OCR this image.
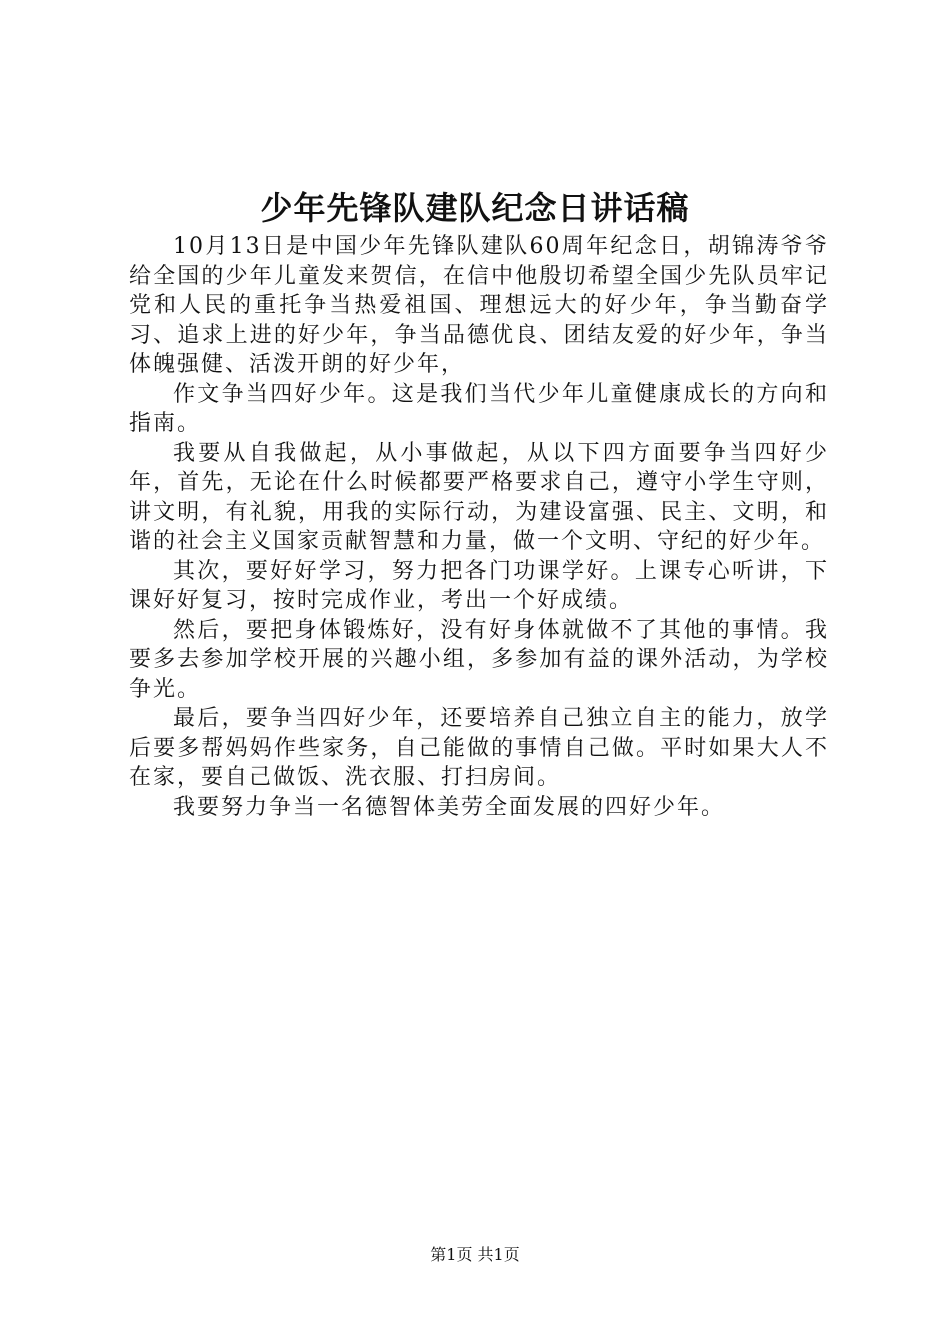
少年先锋队建队纪念日讲话稿

10月13日是中国少年先锋队建队60周年纪念日，胡锦涛爷爷给全国的少年儿童发来贺信，在信中他殷切希望全国少先队员牢记党和人民的重托争当热爱祖国、理想远大的好少年，争当勤奋学习、追求上进的好少年，争当品德优良、团结友爱的好少年，争当体魄强健、活泼开朗的好少年，

作文争当四好少年。这是我们当代少年儿童健康成长的方向和指南。

我要从自我做起，从小事做起，从以下四方面要争当四好少年，首先，无论在什么时候都要严格要求自己，遵守小学生守则，讲文明，有礼貌，用我的实际行动，为建设富强、民主、文明，和谐的社会主义国家贡献智慧和力量，做一个文明、守纪的好少年。

其次，要好好学习，努力把各门功课学好。上课专心听讲，下课好好复习，按时完成作业，考出一个好成绩。

然后，要把身体锻炼好，没有好身体就做不了其他的事情。我要多去参加学校开展的兴趣小组，多参加有益的课外活动，为学校争光。

最后，要争当四好少年，还要培养自己独立自主的能力，放学后要多帮妈妈作些家务，自己能做的事情自己做。平时如果大人不在家，要自己做饭、洗衣服、打扫房间。

我要努力争当一名德智体美劳全面发展的四好少年。

第1页 共1页
